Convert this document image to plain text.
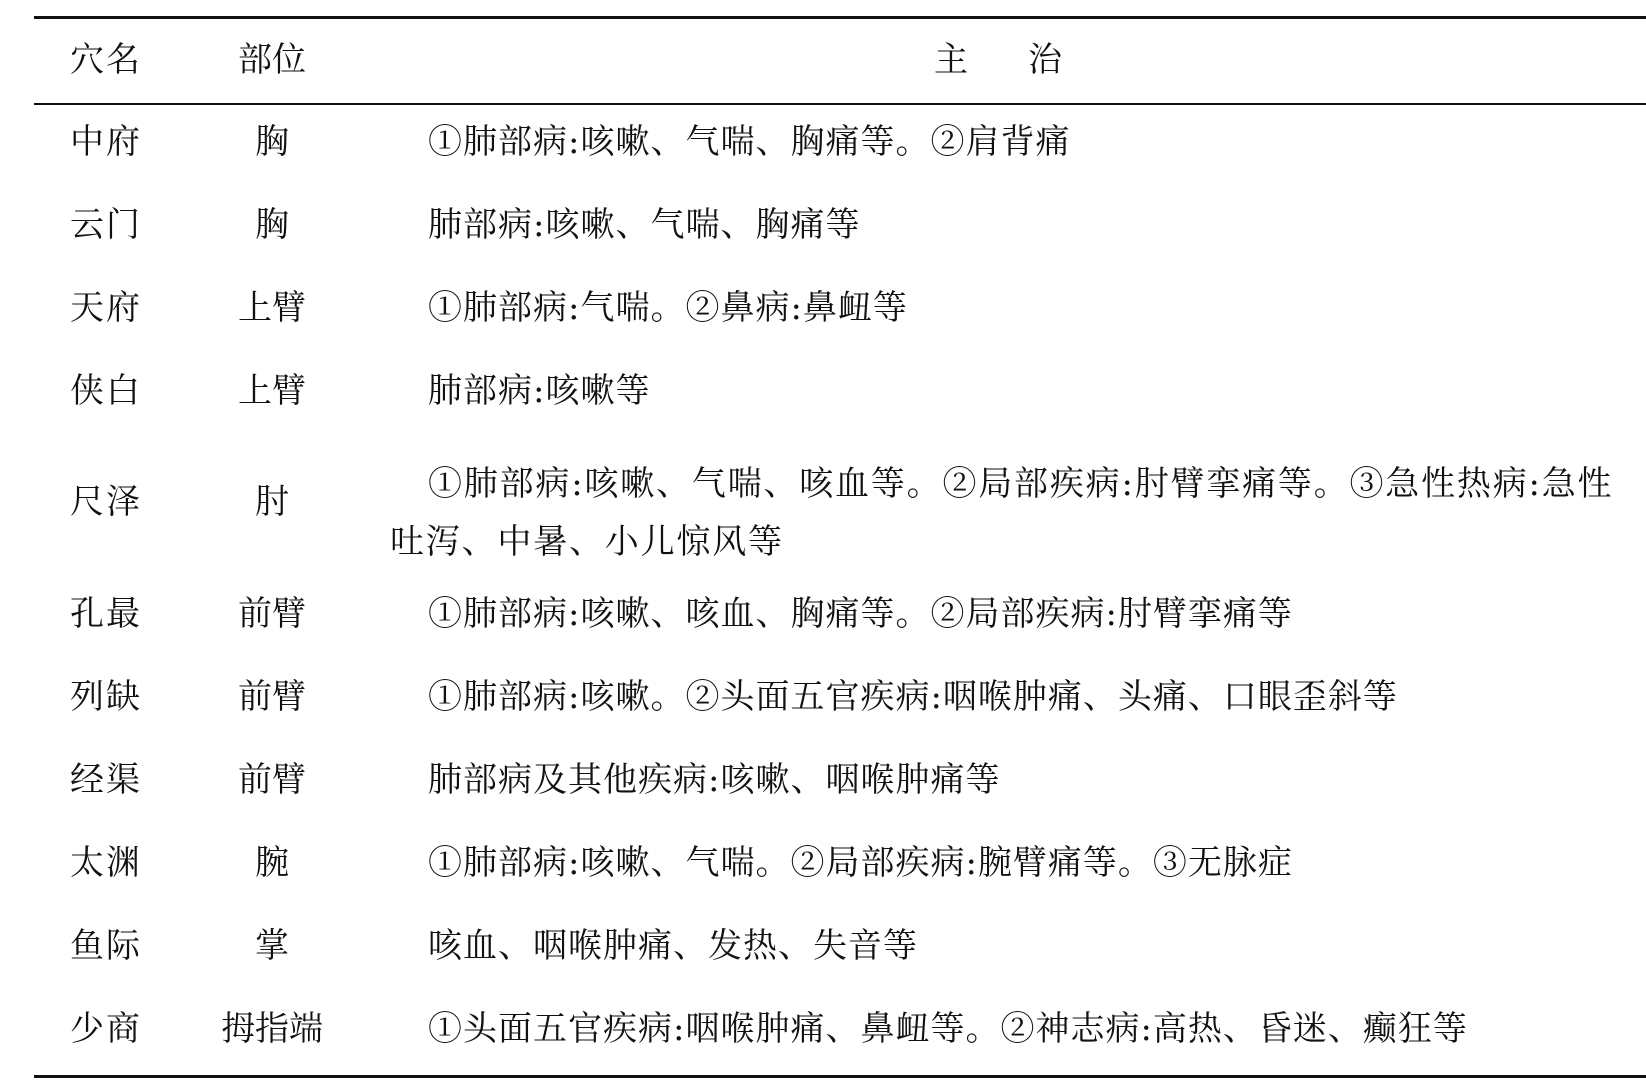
穴名	部位	主治
中府	胸	①肺部病:咳嗽、气喘、胸痛等。②肩背痛
云门	胸	肺部病:咳嗽、气喘、胸痛等
天府	上臂	①肺部病:气喘。②鼻病:鼻衄等
侠白	上臂	肺部病:咳嗽等
尺泽	肘	①肺部病:咳嗽、气喘、咳血等。②局部疾病:肘臂挛痛等。③急性热病:急性吐泻、中暑、小儿惊风等
孔最	前臂	①肺部病:咳嗽、咳血、胸痛等。②局部疾病:肘臂挛痛等
列缺	前臂	①肺部病:咳嗽。②头面五官疾病:咽喉肿痛、头痛、口眼歪斜等
经渠	前臂	肺部病及其他疾病:咳嗽、咽喉肿痛等
太渊	腕	①肺部病:咳嗽、气喘。②局部疾病:腕臂痛等。③无脉症
鱼际	掌	咳血、咽喉肿痛、发热、失音等
少商	拇指端	①头面五官疾病:咽喉肿痛、鼻衄等。②神志病:高热、昏迷、癫狂等
